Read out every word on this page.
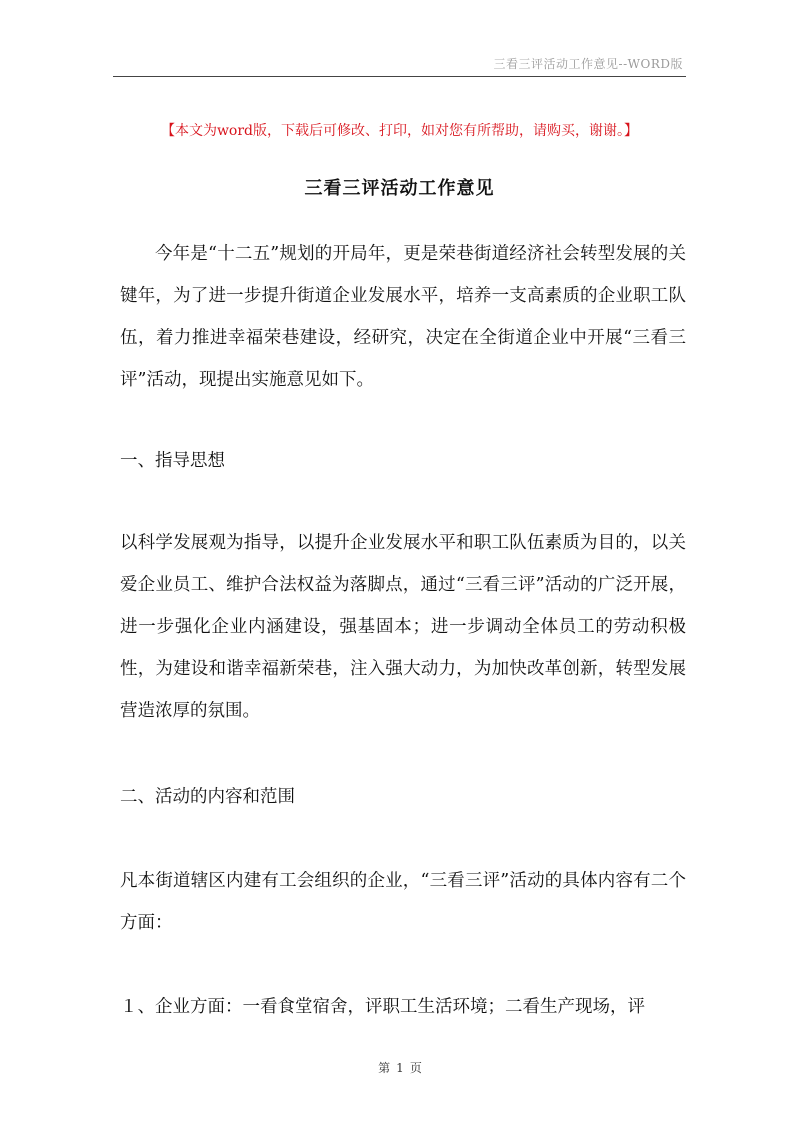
三看三评活动工作意见--WORD版
【本文为word版，下载后可修改、打印，如对您有所帮助，请购买，谢谢。】
三看三评活动工作意见

今年是“十二五”规划的开局年，更是荣巷街道经济社会转型发展的关键年，为了进一步提升街道企业发展水平，培养一支高素质的企业职工队伍，着力推进幸福荣巷建设，经研究，决定在全街道企业中开展“三看三评”活动，现提出实施意见如下。

一、指导思想

以科学发展观为指导，以提升企业发展水平和职工队伍素质为目的，以关爱企业员工、维护合法权益为落脚点，通过“三看三评”活动的广泛开展，进一步强化企业内涵建设，强基固本；进一步调动全体员工的劳动积极性，为建设和谐幸福新荣巷，注入强大动力，为加快改革创新，转型发展营造浓厚的氛围。

二、活动的内容和范围

凡本街道辖区内建有工会组织的企业，“三看三评”活动的具体内容有二个方面：

１、企业方面：一看食堂宿舍，评职工生活环境；二看生产现场，评

第 1 页
